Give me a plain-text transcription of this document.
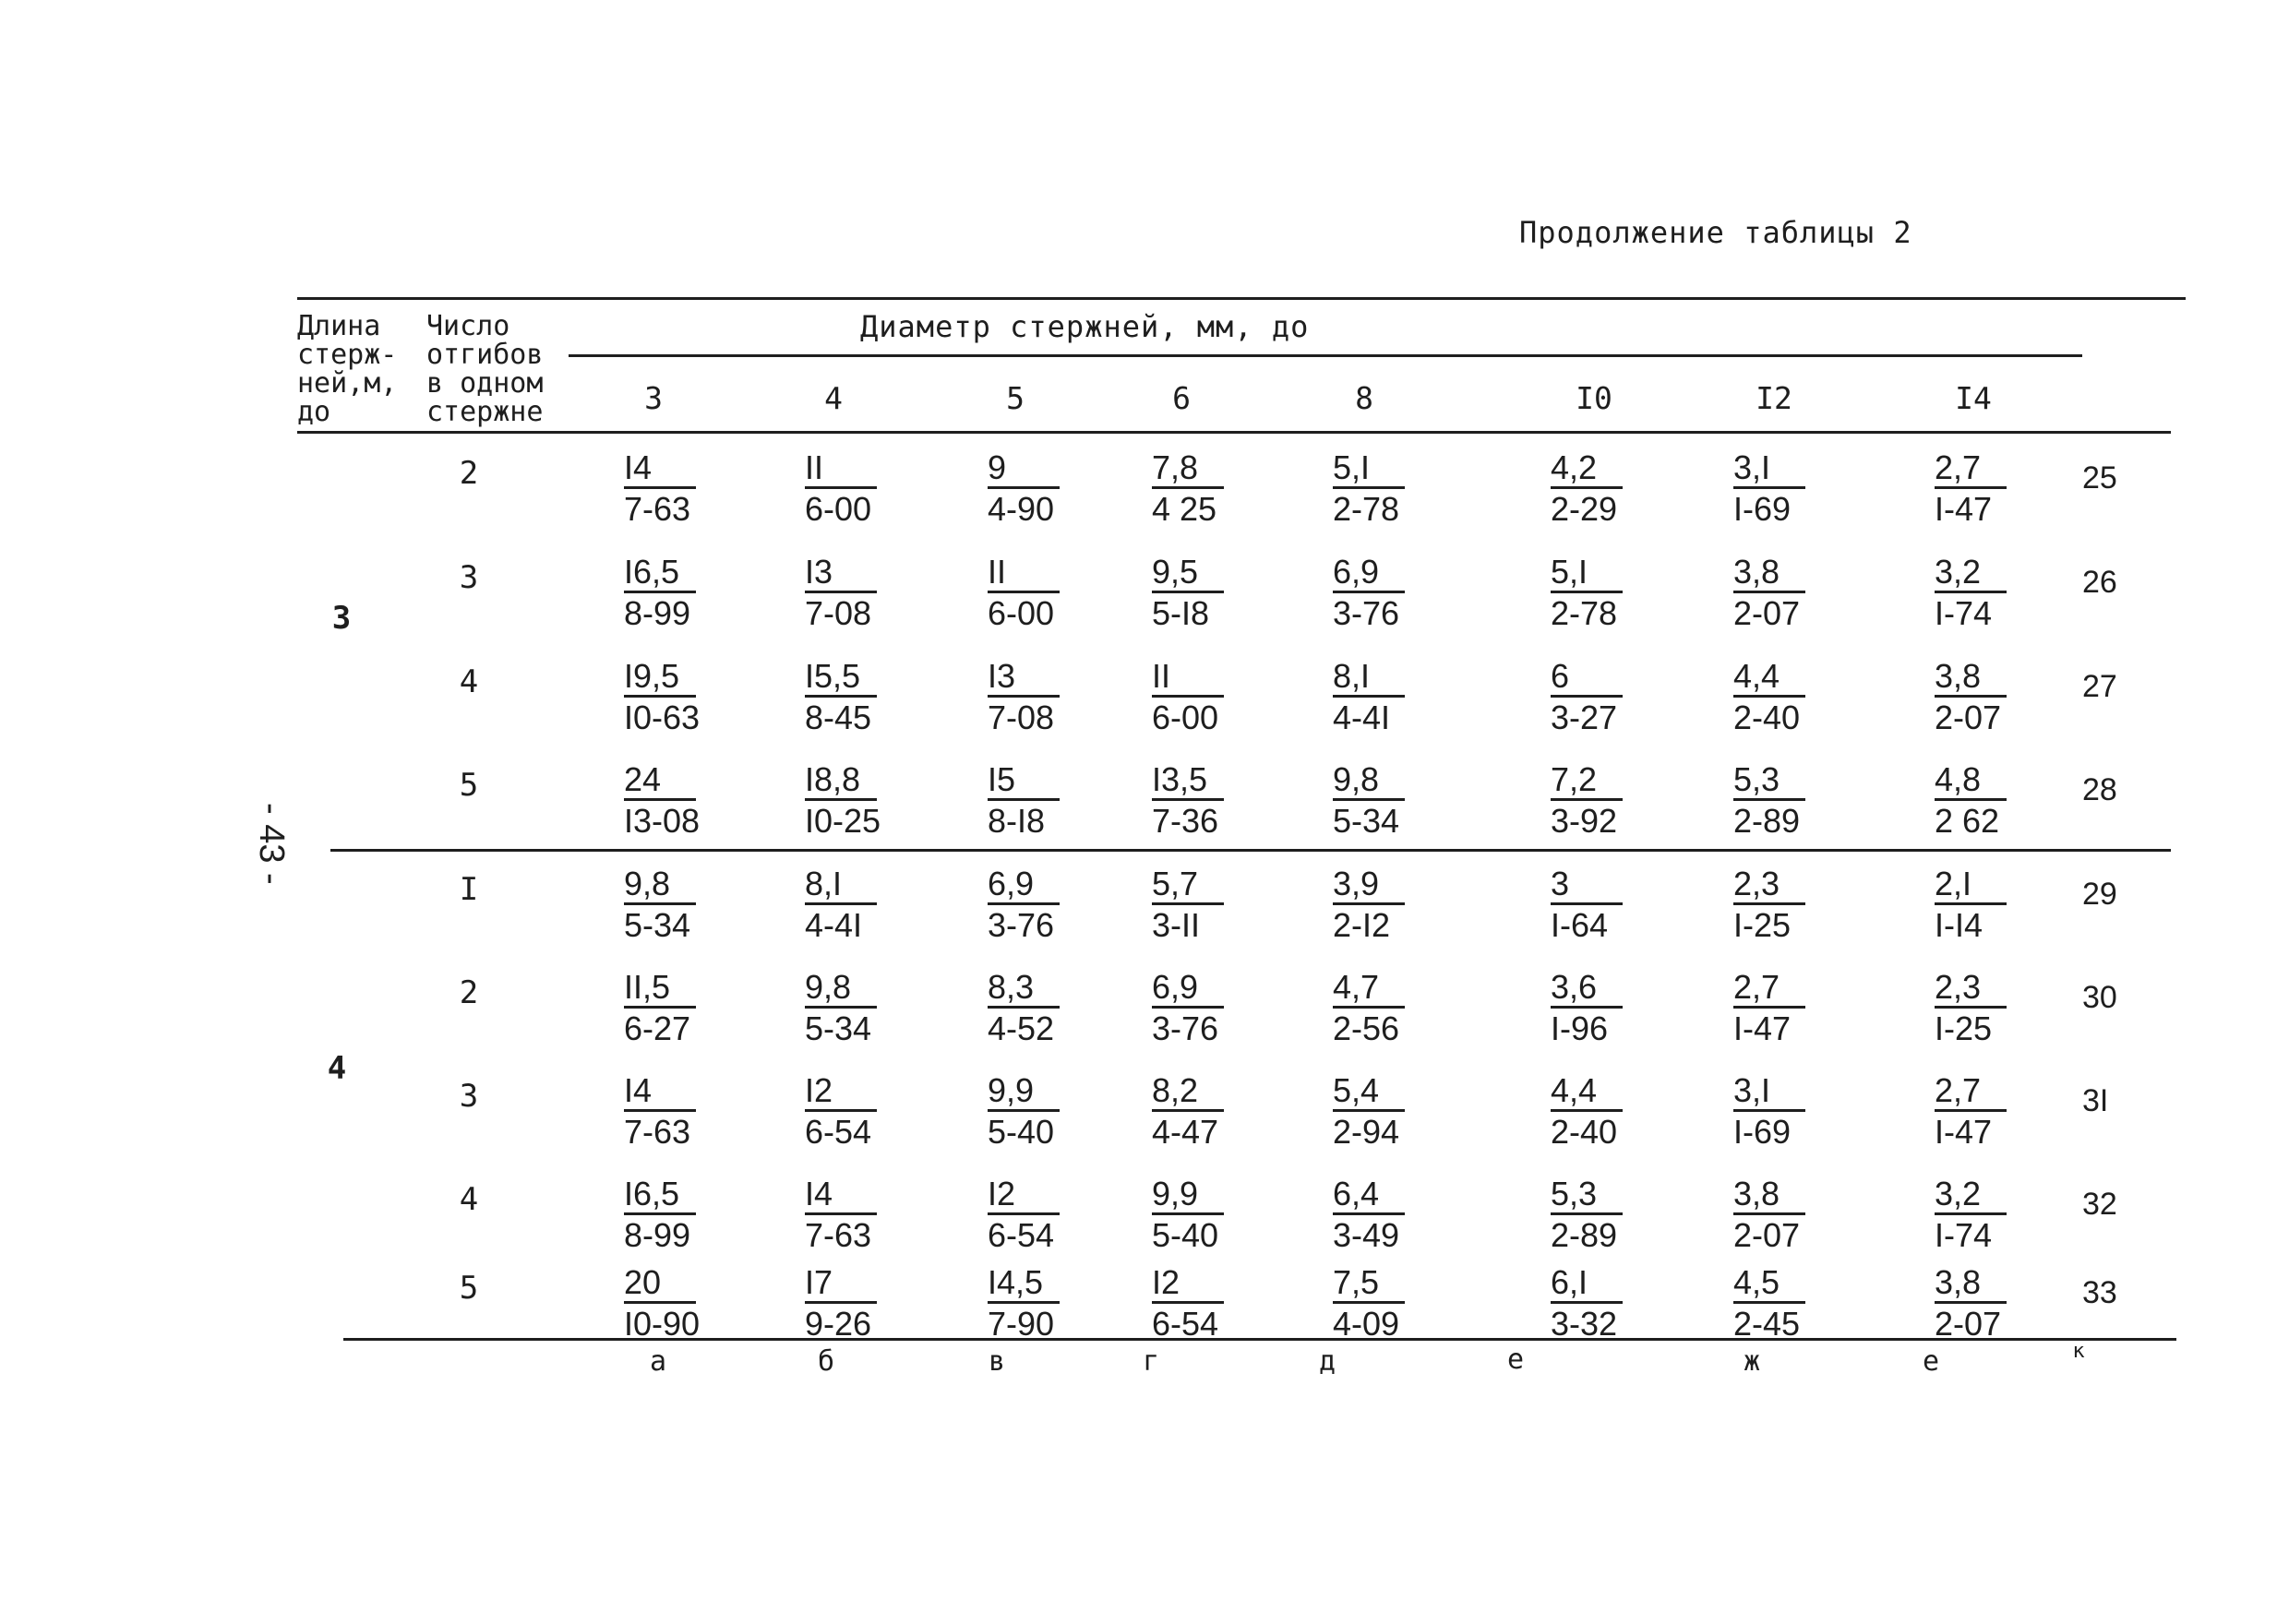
Продолжение таблицы 2
- 43 -
Длина
стерж-
ней,м,
до
Число
отгибов
в одном
стержне
Диаметр стержней, мм, до
3	4	5	6	8	I0	I2	I4
3
4
2	$\frac{I4}{7-63}$	$\frac{II}{6-00}$	$\frac{9}{4-90}$	$\frac{7,8}{4 25}$	$\frac{5,I}{2-78}$	$\frac{4,2}{2-29}$	$\frac{3,I}{I-69}$	$\frac{2,7}{I-47} 25$
3	$\frac{I6,5}{8-99}$	$\frac{I3}{7-08}$	$\frac{II}{6-00}$	$\frac{9,5}{5-I8}$	$\frac{6,9}{3-76}$	$\frac{5,I}{2-78}$	$\frac{3,8}{2-07}$	$\frac{3,2}{I-74} 26$
4	$\frac{I9,5}{I0-63}$	$\frac{I5,5}{8-45}$	$\frac{I3}{7-08}$	$\frac{II}{6-00}$	$\frac{8,I}{4-4I}$	$\frac{6}{3-27}$	$\frac{4,4}{2-40}$	$\frac{3,8}{2-07} 27$
5	$\frac{24}{I3-08}$	$\frac{I8,8}{I0-25}$	$\frac{I5}{8-I8}$	$\frac{I3,5}{7-36}$	$\frac{9,8}{5-34}$	$\frac{7,2}{3-92}$	$\frac{5,3}{2-89}$	$\frac{4,8}{2 62} 28$
I	$\frac{9,8}{5-34}$	$\frac{8,I}{4-4I}$	$\frac{6,9}{3-76}$	$\frac{5,7}{3-II}$	$\frac{3,9}{2-I2}$	$\frac{3}{I-64}$	$\frac{2,3}{I-25}$	$\frac{2,I}{I-I4} 29$
2	$\frac{II,5}{6-27}$	$\frac{9,8}{5-34}$	$\frac{8,3}{4-52}$	$\frac{6,9}{3-76}$	$\frac{4,7}{2-56}$	$\frac{3,6}{I-96}$	$\frac{2,7}{I-47}$	$\frac{2,3}{I-25} 30$
3	$\frac{I4}{7-63}$	$\frac{I2}{6-54}$	$\frac{9,9}{5-40}$	$\frac{8,2}{4-47}$	$\frac{5,4}{2-94}$	$\frac{4,4}{2-40}$	$\frac{3,I}{I-69}$	$\frac{2,7}{I-47} 3I$
4	$\frac{I6,5}{8-99}$	$\frac{I4}{7-63}$	$\frac{I2}{6-54}$	$\frac{9,9}{5-40}$	$\frac{6,4}{3-49}$	$\frac{5,3}{2-89}$	$\frac{3,8}{2-07}$	$\frac{3,2}{I-74} 32$
5	$\frac{20}{I0-90}$	$\frac{I7}{9-26}$	$\frac{I4,5}{7-90}$	$\frac{I2}{6-54}$	$\frac{7,5}{4-09}$	$\frac{6,I}{3-32}$	$\frac{4,5}{2-45}$	$\frac{3,8}{2-07} 33$
а	б	в	г	д	е	ж	е	к
